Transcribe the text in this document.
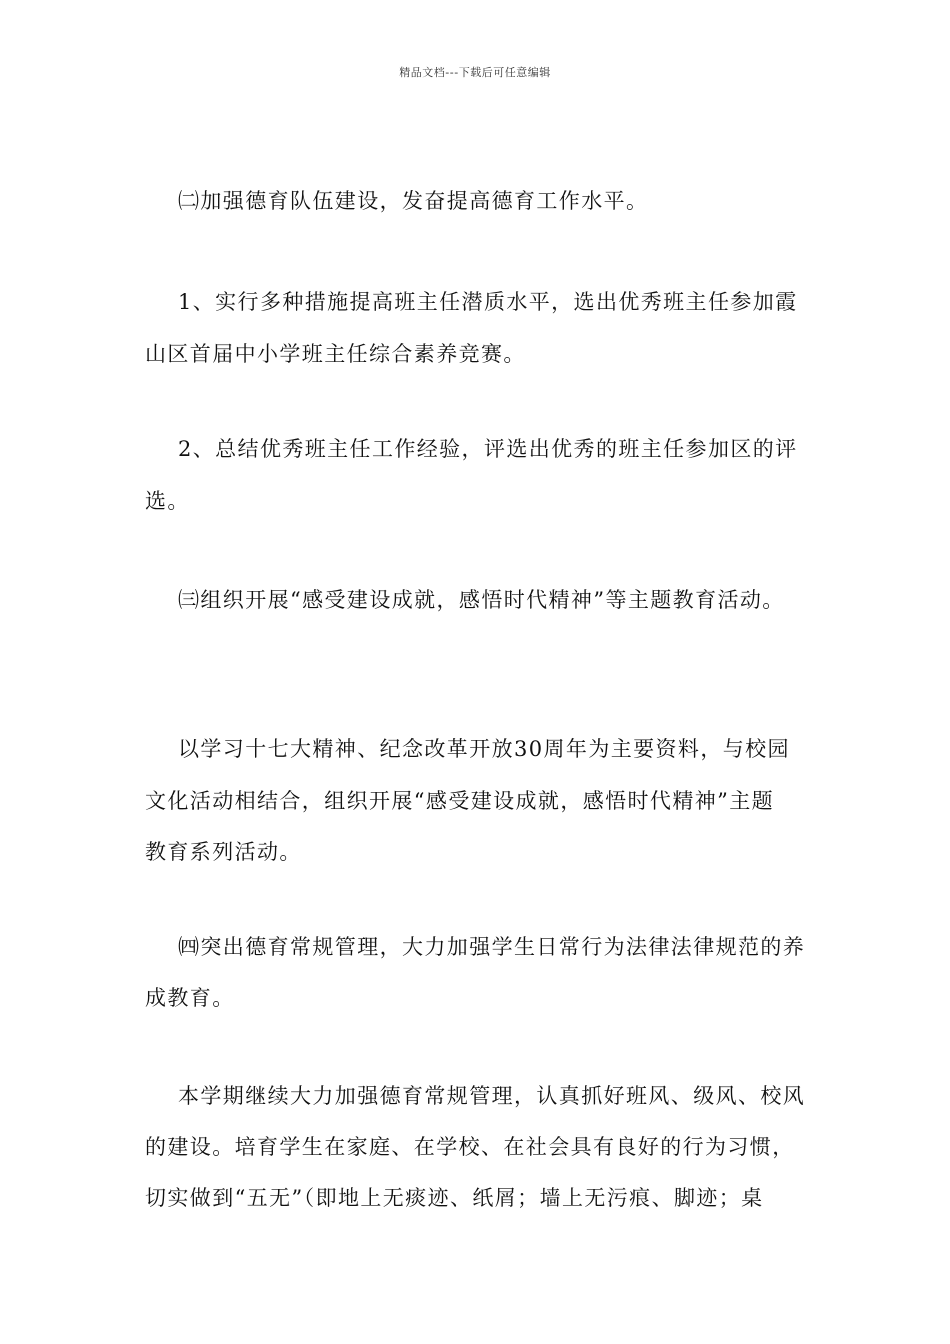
精品文档---下载后可任意编辑
㈡加强德育队伍建设，发奋提高德育工作水平。
1、实行多种措施提高班主任潜质水平，选出优秀班主任参加霞
山区首届中小学班主任综合素养竞赛。
2、总结优秀班主任工作经验，评选出优秀的班主任参加区的评
选。
㈢组织开展“感受建设成就，感悟时代精神”等主题教育活动。
以学习十七大精神、纪念改革开放30周年为主要资料，与校园
文化活动相结合，组织开展“感受建设成就，感悟时代精神”主题
教育系列活动。
㈣突出德育常规管理，大力加强学生日常行为法律法律规范的养
成教育。
本学期继续大力加强德育常规管理，认真抓好班风、级风、校风
的建设。培育学生在家庭、在学校、在社会具有良好的行为习惯，
切实做到“五无”（即地上无痰迹、纸屑；墙上无污痕、脚迹；桌
